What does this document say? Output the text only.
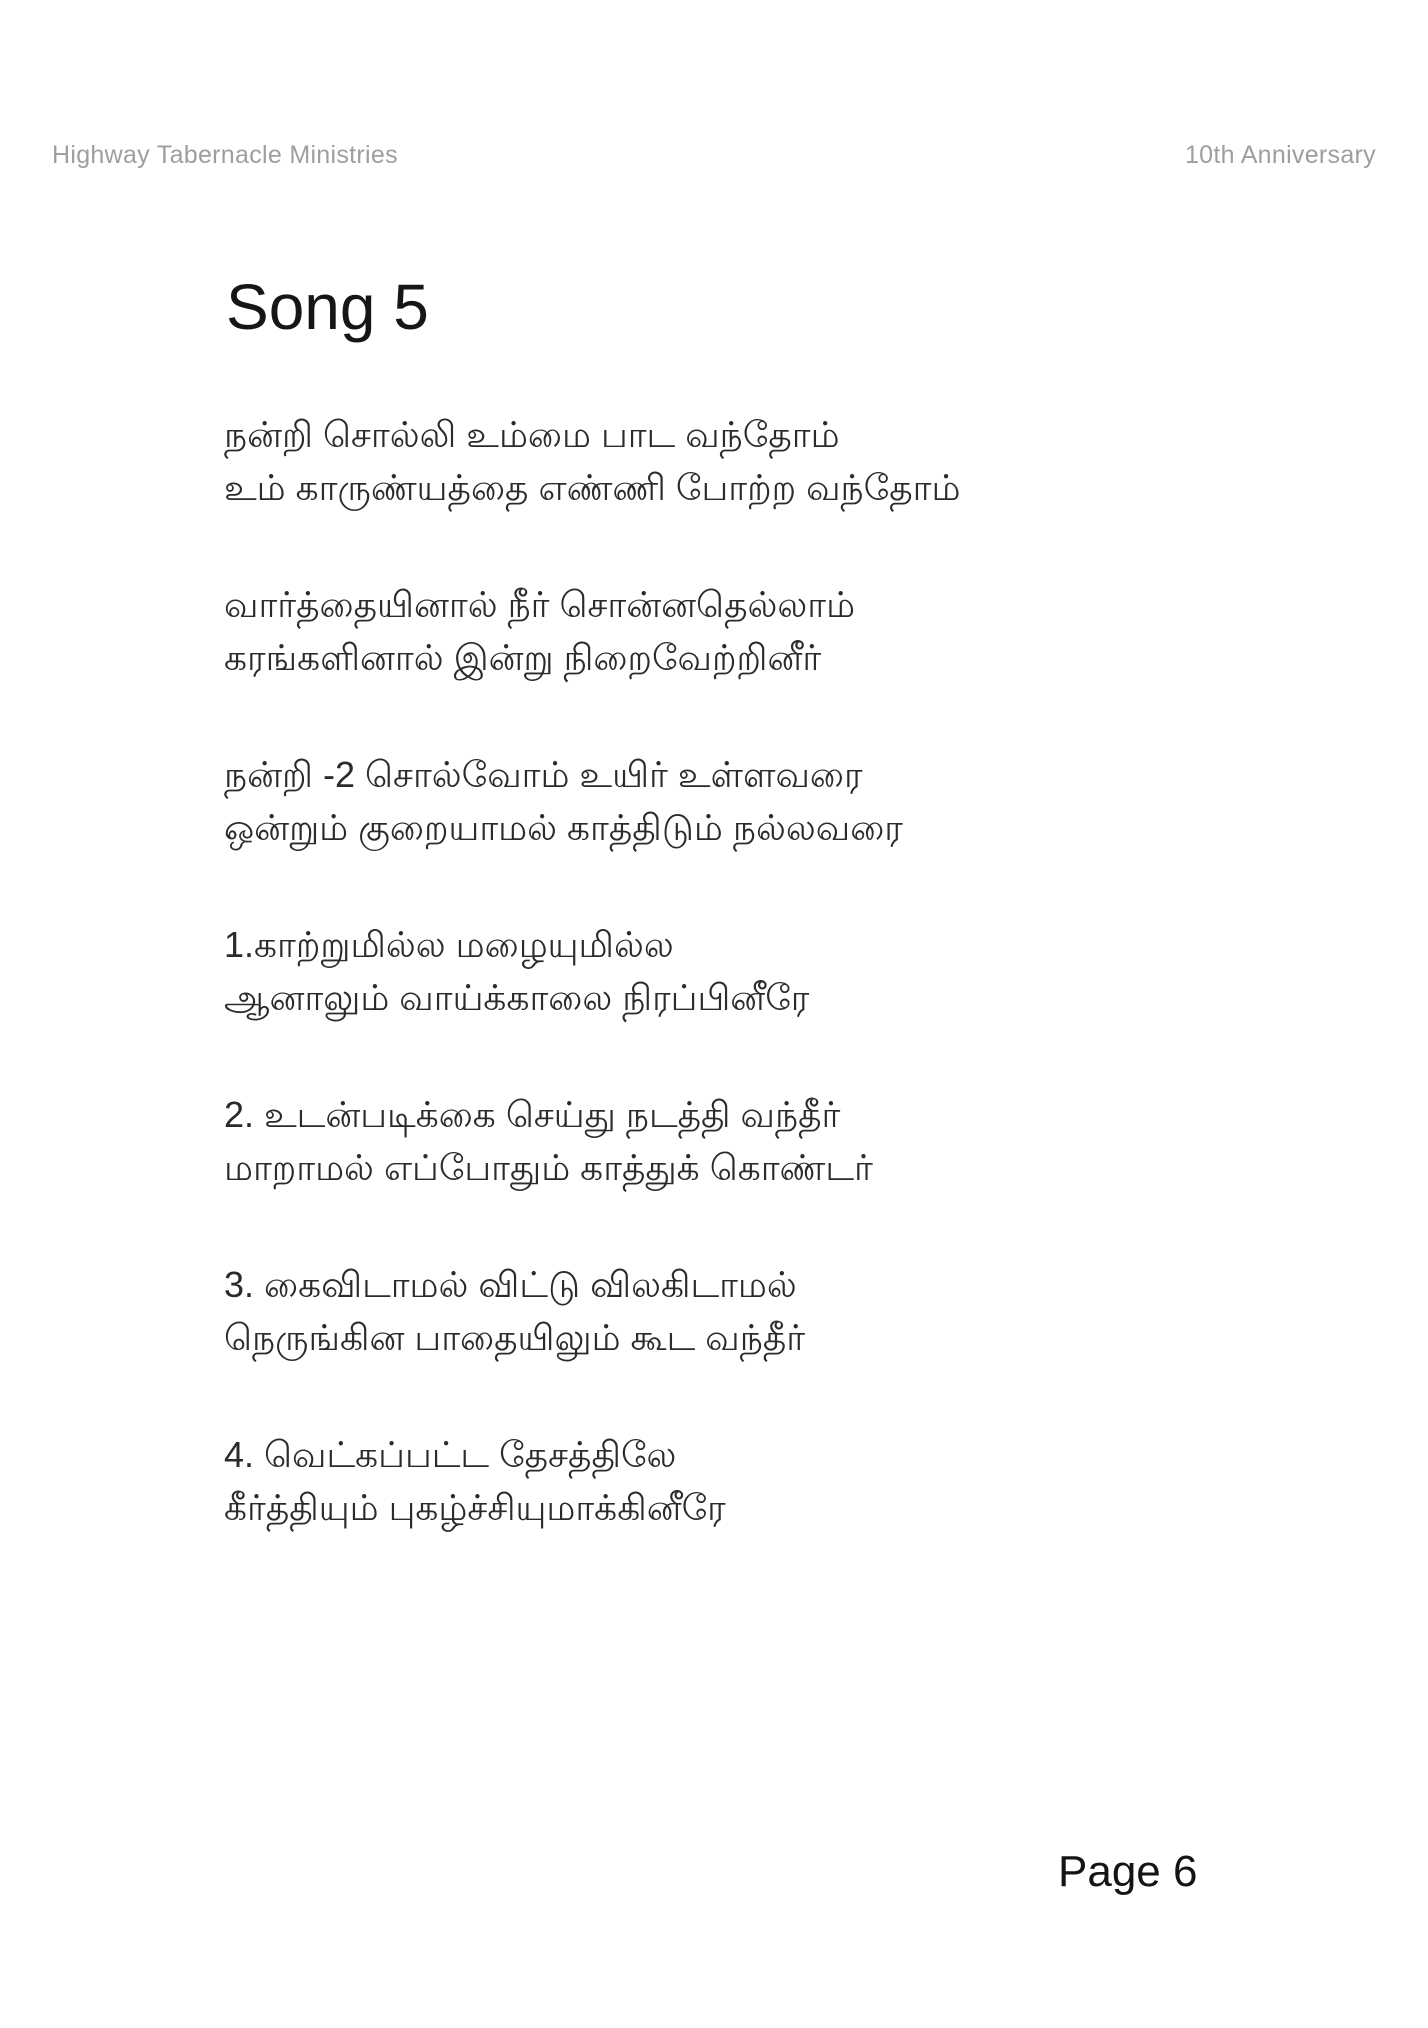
Highway Tabernacle Ministries	10th Anniversary
Song 5

நன்றி சொல்லி உம்மை பாட வந்தோம்
உம் காருண்யத்தை எண்ணி போற்ற வந்தோம்

வார்த்தையினால் நீர் சொன்னதெல்லாம்
கரங்களினால் இன்று நிறைவேற்றினீர்

நன்றி -2 சொல்வோம் உயிர் உள்ளவரை
ஒன்றும் குறையாமல் காத்திடும் நல்லவரை

1.காற்றுமில்ல மழையுமில்ல
ஆனாலும் வாய்க்காலை நிரப்பினீரே

2. உடன்படிக்கை செய்து நடத்தி வந்தீர்
மாறாமல் எப்போதும் காத்துக் கொண்டர்

3. கைவிடாமல் விட்டு விலகிடாமல்
நெருங்கின பாதையிலும் கூட வந்தீர்

4. வெட்கப்பட்ட தேசத்திலே
கீர்த்தியும் புகழ்ச்சியுமாக்கினீரே

Page 6
